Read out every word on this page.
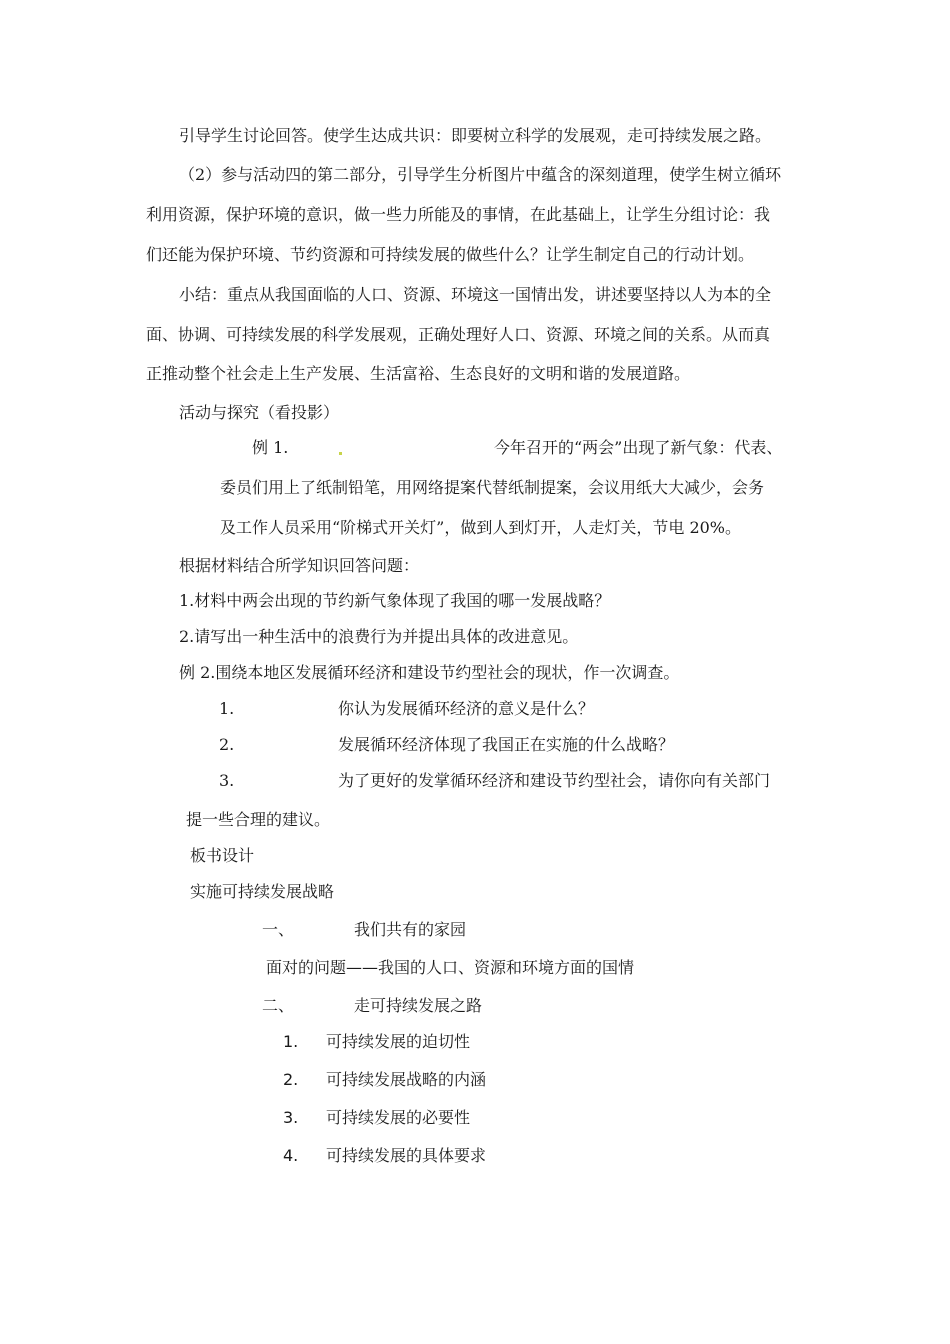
引导学生讨论回答。使学生达成共识：即要树立科学的发展观，走可持续发展之路。
（2）参与活动四的第二部分，引导学生分析图片中蕴含的深刻道理，使学生树立循环
利用资源，保护环境的意识，做一些力所能及的事情，在此基础上，让学生分组讨论：我
们还能为保护环境、节约资源和可持续发展的做些什么？让学生制定自己的行动计划。
小结：重点从我国面临的人口、资源、环境这一国情出发，讲述要坚持以人为本的全
面、协调、可持续发展的科学发展观，正确处理好人口、资源、环境之间的关系。从而真
正推动整个社会走上生产发展、生活富裕、生态良好的文明和谐的发展道路。
活动与探究（看投影）
例 1.	今年召开的“两会”出现了新气象：代表、
委员们用上了纸制铅笔，用网络提案代替纸制提案，会议用纸大大减少，会务
及工作人员采用“阶梯式开关灯”，做到人到灯开，人走灯关，节电 20%。
根据材料结合所学知识回答问题：
1.材料中两会出现的节约新气象体现了我国的哪一发展战略？
2.请写出一种生活中的浪费行为并提出具体的改进意见。
例 2.围绕本地区发展循环经济和建设节约型社会的现状，作一次调查。
1.	你认为发展循环经济的意义是什么？
2.	发展循环经济体现了我国正在实施的什么战略？
3.	为了更好的发掌循环经济和建设节约型社会，请你向有关部门
提一些合理的建议。
板书设计
实施可持续发展战略
一、	我们共有的家园
面对的问题——我国的人口、资源和环境方面的国情
二、	走可持续发展之路
1. 可持续发展的迫切性
2. 可持续发展战略的内涵
3. 可持续发展的必要性
4. 可持续发展的具体要求
